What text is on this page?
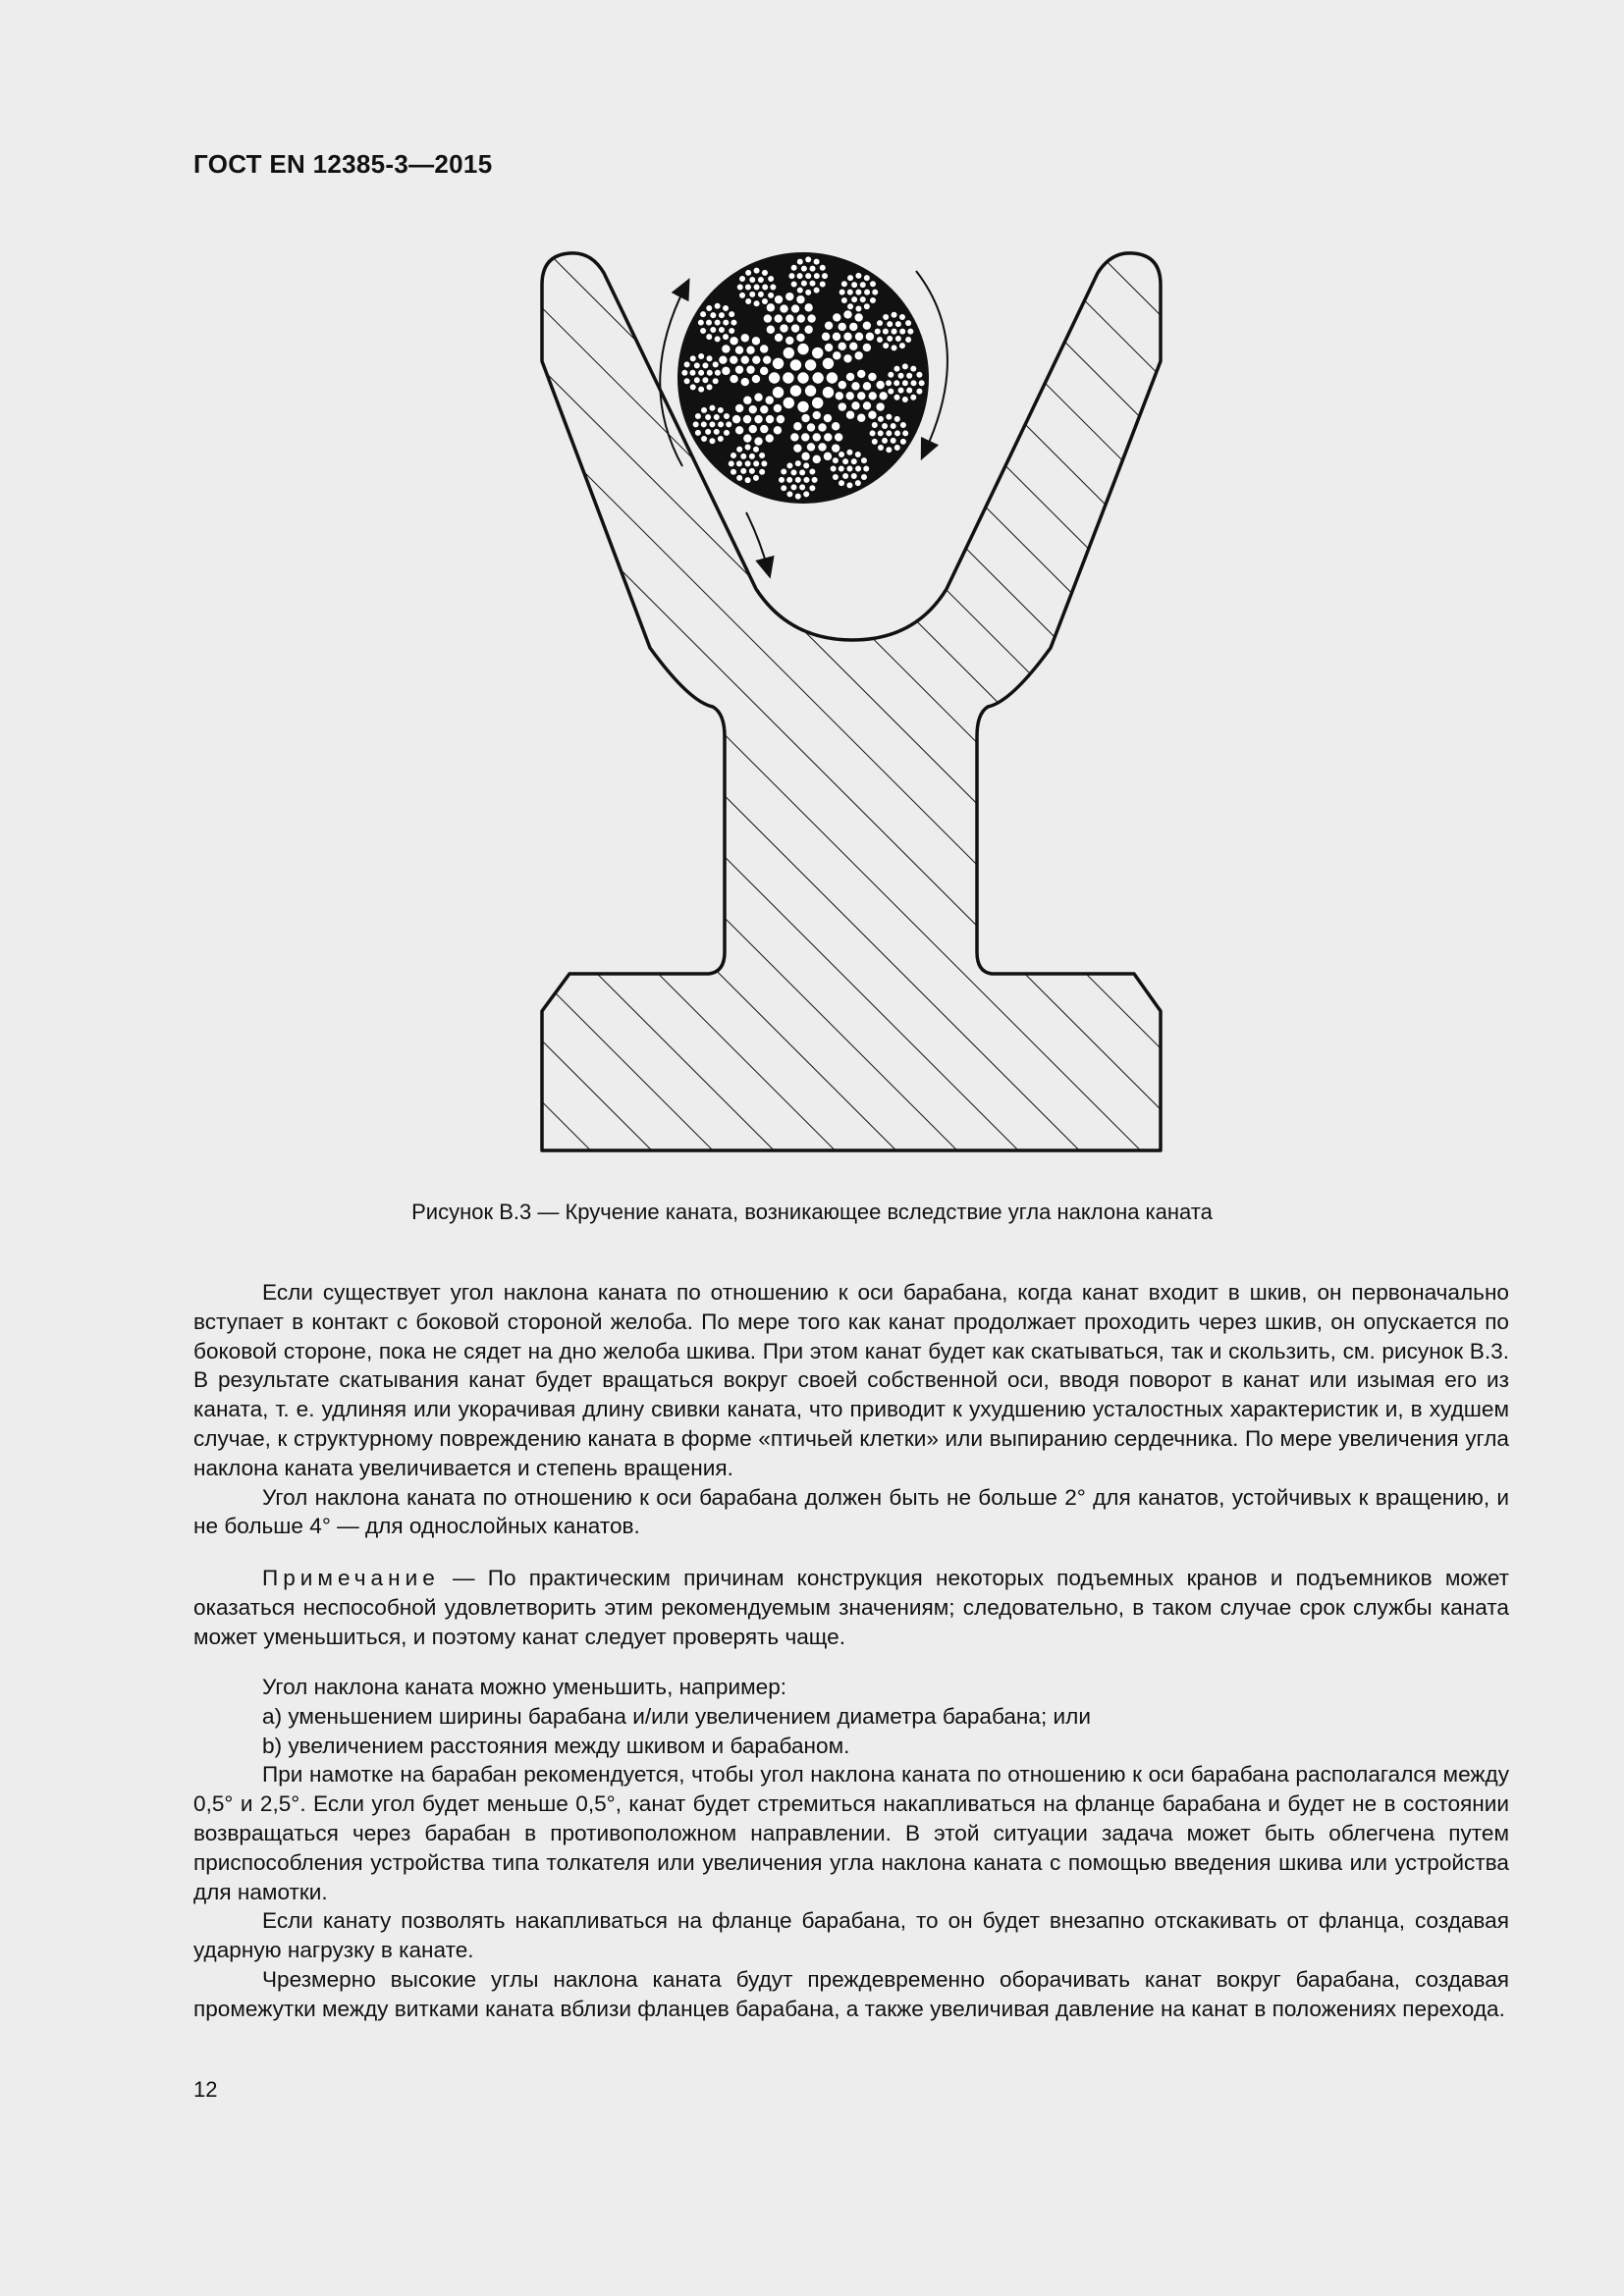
ГОСТ EN 12385-3—2015
Рисунок В.3 — Кручение каната, возникающее вследствие угла наклона каната

Если существует угол наклона каната по отношению к оси барабана, когда канат входит в шкив, он первоначально вступает в контакт с боковой стороной желоба. По мере того как канат продолжает проходить через шкив, он опускается по боковой стороне, пока не сядет на дно желоба шкива. При этом канат будет как скатываться, так и скользить, см. рисунок В.3. В результате скатывания канат будет вращаться вокруг своей собственной оси, вводя поворот в канат или изымая его из каната, т. е. удлиняя или укорачивая длину свивки каната, что приводит к ухудшению усталостных характеристик и, в худшем случае, к структурному повреждению каната в форме «птичьей клетки» или выпиранию сердечника. По мере увеличения угла наклона каната увеличивается и степень вращения.

Угол наклона каната по отношению к оси барабана должен быть не больше 2° для канатов, устойчивых к вращению, и не больше 4° — для однослойных канатов.

Примечание — По практическим причинам конструкция некоторых подъемных кранов и подъемников может оказаться неспособной удовлетворить этим рекомендуемым значениям; следовательно, в таком случае срок службы каната может уменьшиться, и поэтому канат следует проверять чаще.

Угол наклона каната можно уменьшить, например:

a) уменьшением ширины барабана и/или увеличением диаметра барабана; или

b) увеличением расстояния между шкивом и барабаном.

При намотке на барабан рекомендуется, чтобы угол наклона каната по отношению к оси барабана располагался между 0,5° и 2,5°. Если угол будет меньше 0,5°, канат будет стремиться накапливаться на фланце барабана и будет не в состоянии возвращаться через барабан в противоположном направлении. В этой ситуации задача может быть облегчена путем приспособления устройства типа толкателя или увеличения угла наклона каната с помощью введения шкива или устройства для намотки.

Если канату позволять накапливаться на фланце барабана, то он будет внезапно отскакивать от фланца, создавая ударную нагрузку в канате.

Чрезмерно высокие углы наклона каната будут преждевременно оборачивать канат вокруг барабана, создавая промежутки между витками каната вблизи фланцев барабана, а также увеличивая давление на канат в положениях перехода.

12
